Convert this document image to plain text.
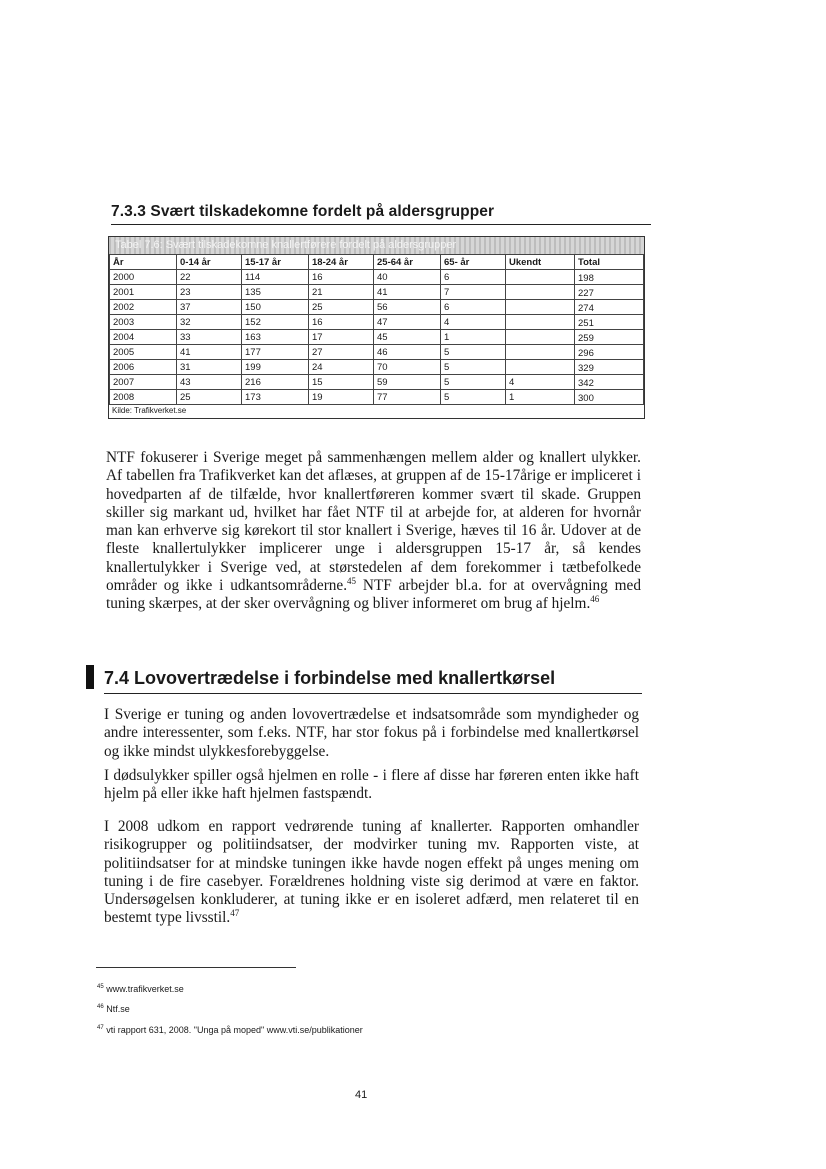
7.3.3 Svært tilskadekomne fordelt på aldersgrupper
Tabel 7.6: Svært tilskadekomne knallertførere fordelt på aldersgrupper
År	0-14 år	15-17 år	18-24 år	25-64 år	65- år	Ukendt	Total
2000	22	114	16	40	6		198
2001	23	135	21	41	7		227
2002	37	150	25	56	6		274
2003	32	152	16	47	4		251
2004	33	163	17	45	1		259
2005	41	177	27	46	5		296
2006	31	199	24	70	5		329
2007	43	216	15	59	5	4	342
2008	25	173	19	77	5	1	300
Kilde: Trafikverket.se
NTF fokuserer i Sverige meget på sammenhængen mellem alder og knallert ulykker. Af tabellen fra Trafikverket kan det aflæses, at gruppen af de 15-17årige er impliceret i hovedparten af de tilfælde, hvor knallertføreren kommer svært til skade. Gruppen skiller sig markant ud, hvilket har fået NTF til at arbejde for, at alderen for hvornår man kan erhverve sig kørekort til stor knallert i Sverige, hæves til 16 år. Udover at de fleste knallertulykker implicerer unge i aldersgruppen 15-17 år, så kendes knallertulykker i Sverige ved, at størstedelen af dem forekommer i tætbefolkede områder og ikke i udkantsområderne.$^{45}$ NTF arbejder bl.a. for at overvågning med tuning skærpes, at der sker overvågning og bliver informeret om brug af hjelm.$^{46}$
7.4 Lovovertrædelse i forbindelse med knallertkørsel
I Sverige er tuning og anden lovovertrædelse et indsatsområde som myndigheder og andre interessenter, som f.eks. NTF, har stor fokus på i forbindelse med knallertkørsel og ikke mindst ulykkesforebyggelse.
I dødsulykker spiller også hjelmen en rolle - i flere af disse har føreren enten ikke haft hjelm på eller ikke haft hjelmen fastspændt.
I 2008 udkom en rapport vedrørende tuning af knallerter. Rapporten omhandler risikogrupper og politiindsatser, der modvirker tuning mv. Rapporten viste, at politiindsatser for at mindske tuningen ikke havde nogen effekt på unges mening om tuning i de fire casebyer. Forældrenes holdning viste sig derimod at være en faktor. Undersøgelsen konkluderer, at tuning ikke er en isoleret adfærd, men relateret til en bestemt type livsstil.$^{47}$
$^{45}$ www.trafikverket.se
$^{46}$ Ntf.se
$^{47}$ vti rapport 631, 2008. "Unga på moped" www.vti.se/publikationer
41
